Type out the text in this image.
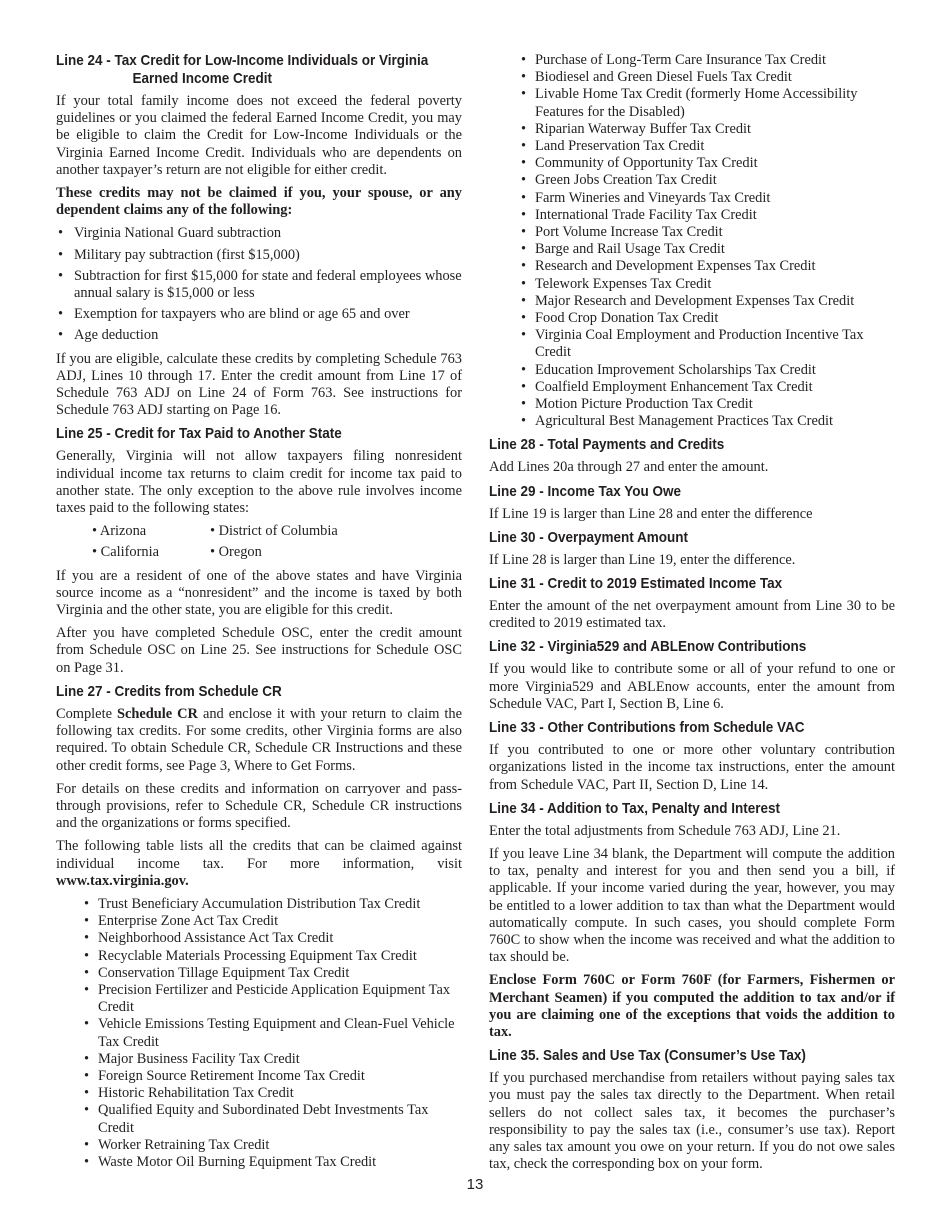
Line 24 - Tax Credit for Low-Income Individuals or Virginia
Earned Income Credit

If your total family income does not exceed the federal poverty guidelines or you claimed the federal Earned Income Credit, you may be eligible to claim the Credit for Low-Income Individuals or the Virginia Earned Income Credit. Individuals who are dependents on another taxpayer’s return are not eligible for either credit.

These credits may not be claimed if you, your spouse, or any dependent claims any of the following:

• Virginia National Guard subtraction
• Military pay subtraction (first $15,000)
• Subtraction for first $15,000 for state and federal employees whose annual salary is $15,000 or less
• Exemption for taxpayers who are blind or age 65 and over
• Age deduction

If you are eligible, calculate these credits by completing Schedule 763 ADJ, Lines 10 through 17. Enter the credit amount from Line 17 of Schedule 763 ADJ on Line 24 of Form 763. See instructions for Schedule 763 ADJ starting on Page 16.

Line 25 - Credit for Tax Paid to Another State

Generally, Virginia will not allow taxpayers filing nonresident individual income tax returns to claim credit for income tax paid to another state. The only exception to the above rule involves income taxes paid to the following states:

• Arizona	• District of Columbia
• California	• Oregon

If you are a resident of one of the above states and have Virginia source income as a “nonresident” and the income is taxed by both Virginia and the other state, you are eligible for this credit.

After you have completed Schedule OSC, enter the credit amount from Schedule OSC on Line 25. See instructions for Schedule OSC on Page 31.

Line 27 - Credits from Schedule CR

Complete Schedule CR and enclose it with your return to claim the following tax credits. For some credits, other Virginia forms are also required. To obtain Schedule CR, Schedule CR Instructions and these other credit forms, see Page 3, Where to Get Forms.

For details on these credits and information on carryover and pass-through provisions, refer to Schedule CR, Schedule CR instructions and the organizations or forms specified.

The following table lists all the credits that can be claimed against individual income tax. For more information, visit www.tax.virginia.gov.

• Trust Beneficiary Accumulation Distribution Tax Credit
• Enterprise Zone Act Tax Credit
• Neighborhood Assistance Act Tax Credit
• Recyclable Materials Processing Equipment Tax Credit
• Conservation Tillage Equipment Tax Credit
• Precision Fertilizer and Pesticide Application Equipment Tax Credit
• Vehicle Emissions Testing Equipment and Clean-Fuel Vehicle Tax Credit
• Major Business Facility Tax Credit
• Foreign Source Retirement Income Tax Credit
• Historic Rehabilitation Tax Credit
• Qualified Equity and Subordinated Debt Investments Tax Credit
• Worker Retraining Tax Credit
• Waste Motor Oil Burning Equipment Tax Credit
• Purchase of Long-Term Care Insurance Tax Credit
• Biodiesel and Green Diesel Fuels Tax Credit
• Livable Home Tax Credit (formerly Home Accessibility Features for the Disabled)
• Riparian Waterway Buffer Tax Credit
• Land Preservation Tax Credit
• Community of Opportunity Tax Credit
• Green Jobs Creation Tax Credit
• Farm Wineries and Vineyards Tax Credit
• International Trade Facility Tax Credit
• Port Volume Increase Tax Credit
• Barge and Rail Usage Tax Credit
• Research and Development Expenses Tax Credit
• Telework Expenses Tax Credit
• Major Research and Development Expenses Tax Credit
• Food Crop Donation Tax Credit
• Virginia Coal Employment and Production Incentive Tax Credit
• Education Improvement Scholarships Tax Credit
• Coalfield Employment Enhancement Tax Credit
• Motion Picture Production Tax Credit
• Agricultural Best Management Practices Tax Credit
Line 28 - Total Payments and Credits

Add Lines 20a through 27 and enter the amount.

Line 29 - Income Tax You Owe

If Line 19 is larger than Line 28 and enter the difference

Line 30 - Overpayment Amount

If Line 28 is larger than Line 19, enter the difference.

Line 31 - Credit to 2019 Estimated Income Tax

Enter the amount of the net overpayment amount from Line 30 to be credited to 2019 estimated tax.

Line 32 - Virginia529 and ABLEnow Contributions

If you would like to contribute some or all of your refund to one or more Virginia529 and ABLEnow accounts, enter the amount from Schedule VAC, Part I, Section B, Line 6.

Line 33 - Other Contributions from Schedule VAC

If you contributed to one or more other voluntary contribution organizations listed in the income tax instructions, enter the amount from Schedule VAC, Part II, Section D, Line 14.

Line 34 - Addition to Tax, Penalty and Interest

Enter the total adjustments from Schedule 763 ADJ, Line 21.

If you leave Line 34 blank, the Department will compute the addition to tax, penalty and interest for you and then send you a bill, if applicable. If your income varied during the year, however, you may be entitled to a lower addition to tax than what the Department would automatically compute. In such cases, you should complete Form 760C to show when the income was received and what the addition to tax should be.

Enclose Form 760C or Form 760F (for Farmers, Fishermen or Merchant Seamen) if you computed the addition to tax and/or if you are claiming one of the exceptions that voids the addition to tax.

Line 35. Sales and Use Tax (Consumer’s Use Tax)

If you purchased merchandise from retailers without paying sales tax you must pay the sales tax directly to the Department. When retail sellers do not collect sales tax, it becomes the purchaser’s responsibility to pay the sales tax (i.e., consumer’s use tax). Report any sales tax amount you owe on your return. If you do not owe sales tax, check the corresponding box on your form.

13
